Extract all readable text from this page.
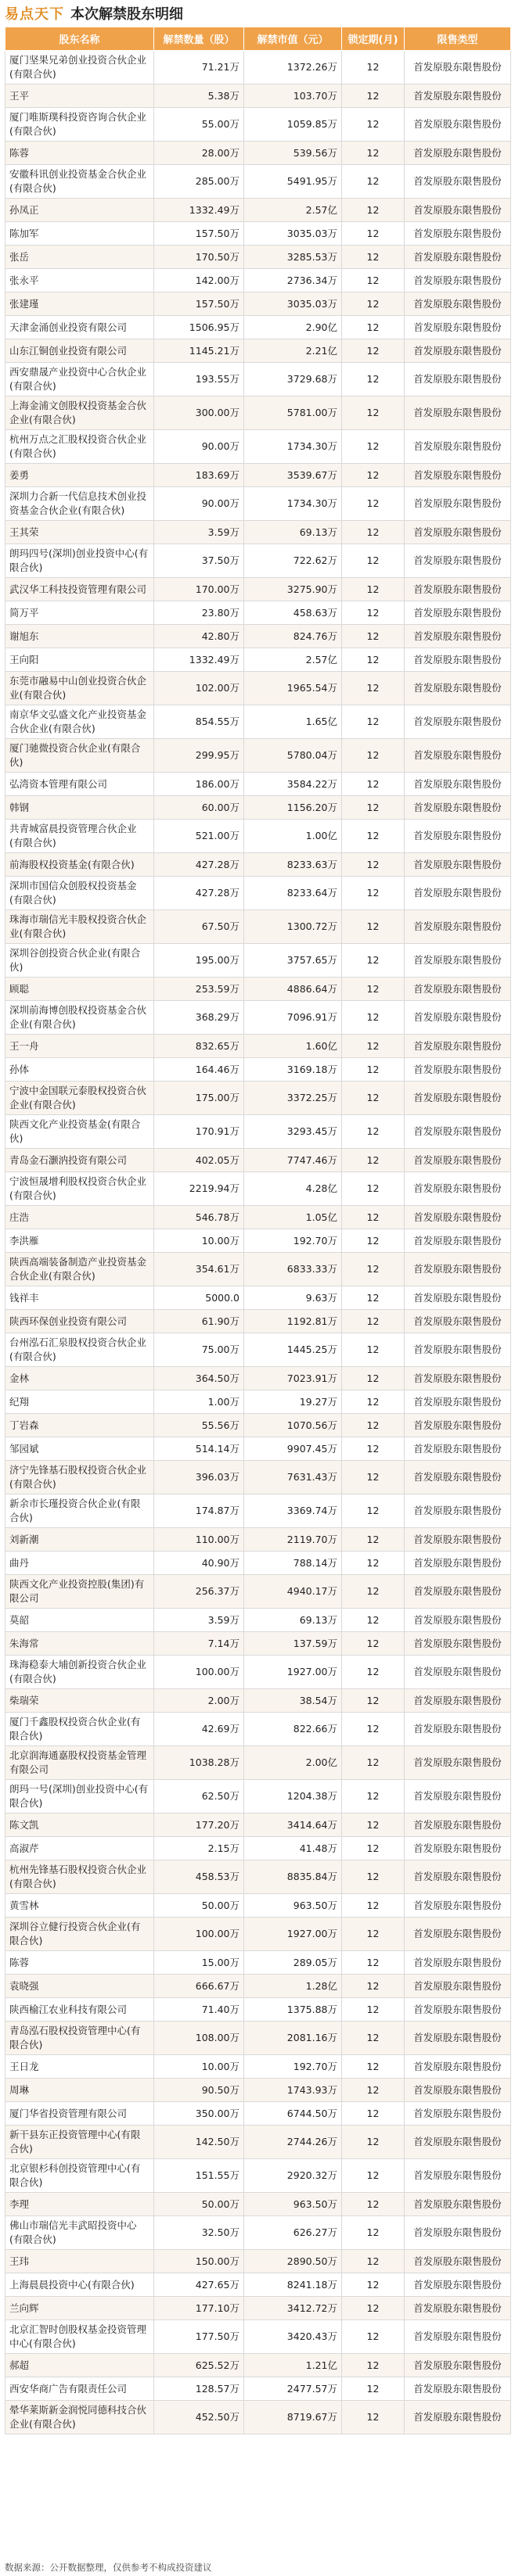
易点天下 本次解禁股东明细
股东名称	解禁数量（股）	解禁市值（元）	锁定期(月)	限售类型
厦门坚果兄弟创业投资合伙企业(有限合伙)	71.21万	1372.26万	12	首发原股东限售股份
王平	5.38万	103.70万	12	首发原股东限售股份
厦门唯斯璞科投资咨询合伙企业(有限合伙)	55.00万	1059.85万	12	首发原股东限售股份
陈蓉	28.00万	539.56万	12	首发原股东限售股份
安徽科讯创业投资基金合伙企业(有限合伙)	285.00万	5491.95万	12	首发原股东限售股份
孙凤正	1332.49万	2.57亿	12	首发原股东限售股份
陈加军	157.50万	3035.03万	12	首发原股东限售股份
张岳	170.50万	3285.53万	12	首发原股东限售股份
张永平	142.00万	2736.34万	12	首发原股东限售股份
张建瑾	157.50万	3035.03万	12	首发原股东限售股份
天津金涌创业投资有限公司	1506.95万	2.90亿	12	首发原股东限售股份
山东江铜创业投资有限公司	1145.21万	2.21亿	12	首发原股东限售股份
西安鼎晟产业投资中心合伙企业(有限合伙)	193.55万	3729.68万	12	首发原股东限售股份
上海金浦文创股权投资基金合伙企业(有限合伙)	300.00万	5781.00万	12	首发原股东限售股份
杭州万点之汇股权投资合伙企业(有限合伙)	90.00万	1734.30万	12	首发原股东限售股份
姜勇	183.69万	3539.67万	12	首发原股东限售股份
深圳力合新一代信息技术创业投资基金合伙企业(有限合伙)	90.00万	1734.30万	12	首发原股东限售股份
王其荣	3.59万	69.13万	12	首发原股东限售股份
朗玛四号(深圳)创业投资中心(有限合伙)	37.50万	722.62万	12	首发原股东限售股份
武汉华工科技投资管理有限公司	170.00万	3275.90万	12	首发原股东限售股份
简万平	23.80万	458.63万	12	首发原股东限售股份
谢旭东	42.80万	824.76万	12	首发原股东限售股份
王向阳	1332.49万	2.57亿	12	首发原股东限售股份
东莞市融易中山创业投资合伙企业(有限合伙)	102.00万	1965.54万	12	首发原股东限售股份
南京华文弘盛文化产业投资基金合伙企业(有限合伙)	854.55万	1.65亿	12	首发原股东限售股份
厦门驰微投资合伙企业(有限合伙)	299.95万	5780.04万	12	首发原股东限售股份
弘湾资本管理有限公司	186.00万	3584.22万	12	首发原股东限售股份
韩钢	60.00万	1156.20万	12	首发原股东限售股份
共青城富晨投资管理合伙企业(有限合伙)	521.00万	1.00亿	12	首发原股东限售股份
前海股权投资基金(有限合伙)	427.28万	8233.63万	12	首发原股东限售股份
深圳市国信众创股权投资基金(有限合伙)	427.28万	8233.64万	12	首发原股东限售股份
珠海市瑞信光丰股权投资合伙企业(有限合伙)	67.50万	1300.72万	12	首发原股东限售股份
深圳谷创投资合伙企业(有限合伙)	195.00万	3757.65万	12	首发原股东限售股份
顾聪	253.59万	4886.64万	12	首发原股东限售股份
深圳前海博创股权投资基金合伙企业(有限合伙)	368.29万	7096.91万	12	首发原股东限售股份
王一舟	832.65万	1.60亿	12	首发原股东限售股份
孙体	164.46万	3169.18万	12	首发原股东限售股份
宁波中金国联元泰股权投资合伙企业(有限合伙)	175.00万	3372.25万	12	首发原股东限售股份
陕西文化产业投资基金(有限合伙)	170.91万	3293.45万	12	首发原股东限售股份
青岛金石灏汭投资有限公司	402.05万	7747.46万	12	首发原股东限售股份
宁波恒晟增利股权投资合伙企业(有限合伙)	2219.94万	4.28亿	12	首发原股东限售股份
庄浩	546.78万	1.05亿	12	首发原股东限售股份
李洪雁	10.00万	192.70万	12	首发原股东限售股份
陕西高端装备制造产业投资基金合伙企业(有限合伙)	354.61万	6833.33万	12	首发原股东限售股份
钱祥丰	5000.0	9.63万	12	首发原股东限售股份
陕西环保创业投资有限公司	61.90万	1192.81万	12	首发原股东限售股份
台州泓石汇泉股权投资合伙企业(有限合伙)	75.00万	1445.25万	12	首发原股东限售股份
金林	364.50万	7023.91万	12	首发原股东限售股份
纪翔	1.00万	19.27万	12	首发原股东限售股份
丁岩森	55.56万	1070.56万	12	首发原股东限售股份
邹园斌	514.14万	9907.45万	12	首发原股东限售股份
济宁先锋基石股权投资合伙企业(有限合伙)	396.03万	7631.43万	12	首发原股东限售股份
新余市长瑾投资合伙企业(有限合伙)	174.87万	3369.74万	12	首发原股东限售股份
刘新潮	110.00万	2119.70万	12	首发原股东限售股份
曲丹	40.90万	788.14万	12	首发原股东限售股份
陕西文化产业投资控股(集团)有限公司	256.37万	4940.17万	12	首发原股东限售股份
莫韶	3.59万	69.13万	12	首发原股东限售股份
朱海常	7.14万	137.59万	12	首发原股东限售股份
珠海稳泰大埔创新投资合伙企业(有限合伙)	100.00万	1927.00万	12	首发原股东限售股份
柴瑞荣	2.00万	38.54万	12	首发原股东限售股份
厦门千鑫股权投资合伙企业(有限合伙)	42.69万	822.66万	12	首发原股东限售股份
北京润海通嘉股权投资基金管理有限公司	1038.28万	2.00亿	12	首发原股东限售股份
朗玛一号(深圳)创业投资中心(有限合伙)	62.50万	1204.38万	12	首发原股东限售股份
陈文凯	177.20万	3414.64万	12	首发原股东限售股份
高淑芹	2.15万	41.48万	12	首发原股东限售股份
杭州先锋基石股权投资合伙企业(有限合伙)	458.53万	8835.84万	12	首发原股东限售股份
黄雪林	50.00万	963.50万	12	首发原股东限售股份
深圳谷立健行投资合伙企业(有限合伙)	100.00万	1927.00万	12	首发原股东限售股份
陈蓉	15.00万	289.05万	12	首发原股东限售股份
袁晓强	666.67万	1.28亿	12	首发原股东限售股份
陕西榆江农业科技有限公司	71.40万	1375.88万	12	首发原股东限售股份
青岛泓石股权投资管理中心(有限合伙)	108.00万	2081.16万	12	首发原股东限售股份
王日龙	10.00万	192.70万	12	首发原股东限售股份
周琳	90.50万	1743.93万	12	首发原股东限售股份
厦门华省投资管理有限公司	350.00万	6744.50万	12	首发原股东限售股份
新干县东正投资管理中心(有限合伙)	142.50万	2744.26万	12	首发原股东限售股份
北京银杉科创投资管理中心(有限合伙)	151.55万	2920.32万	12	首发原股东限售股份
李理	50.00万	963.50万	12	首发原股东限售股份
佛山市瑞信光丰武昭投资中心(有限合伙)	32.50万	626.27万	12	首发原股东限售股份
王玮	150.00万	2890.50万	12	首发原股东限售股份
上海晨晨投资中心(有限合伙)	427.65万	8241.18万	12	首发原股东限售股份
兰向辉	177.10万	3412.72万	12	首发原股东限售股份
北京汇智时创股权基金投资管理中心(有限合伙)	177.50万	3420.43万	12	首发原股东限售股份
郝超	625.52万	1.21亿	12	首发原股东限售股份
西安华商广告有限责任公司	128.57万	2477.57万	12	首发原股东限售股份
晕华莱斯新金润悦同德科技合伙企业(有限合伙)	452.50万	8719.67万	12	首发原股东限售股份
数据来源：公开数据整理，仅供参考不构成投资建议
